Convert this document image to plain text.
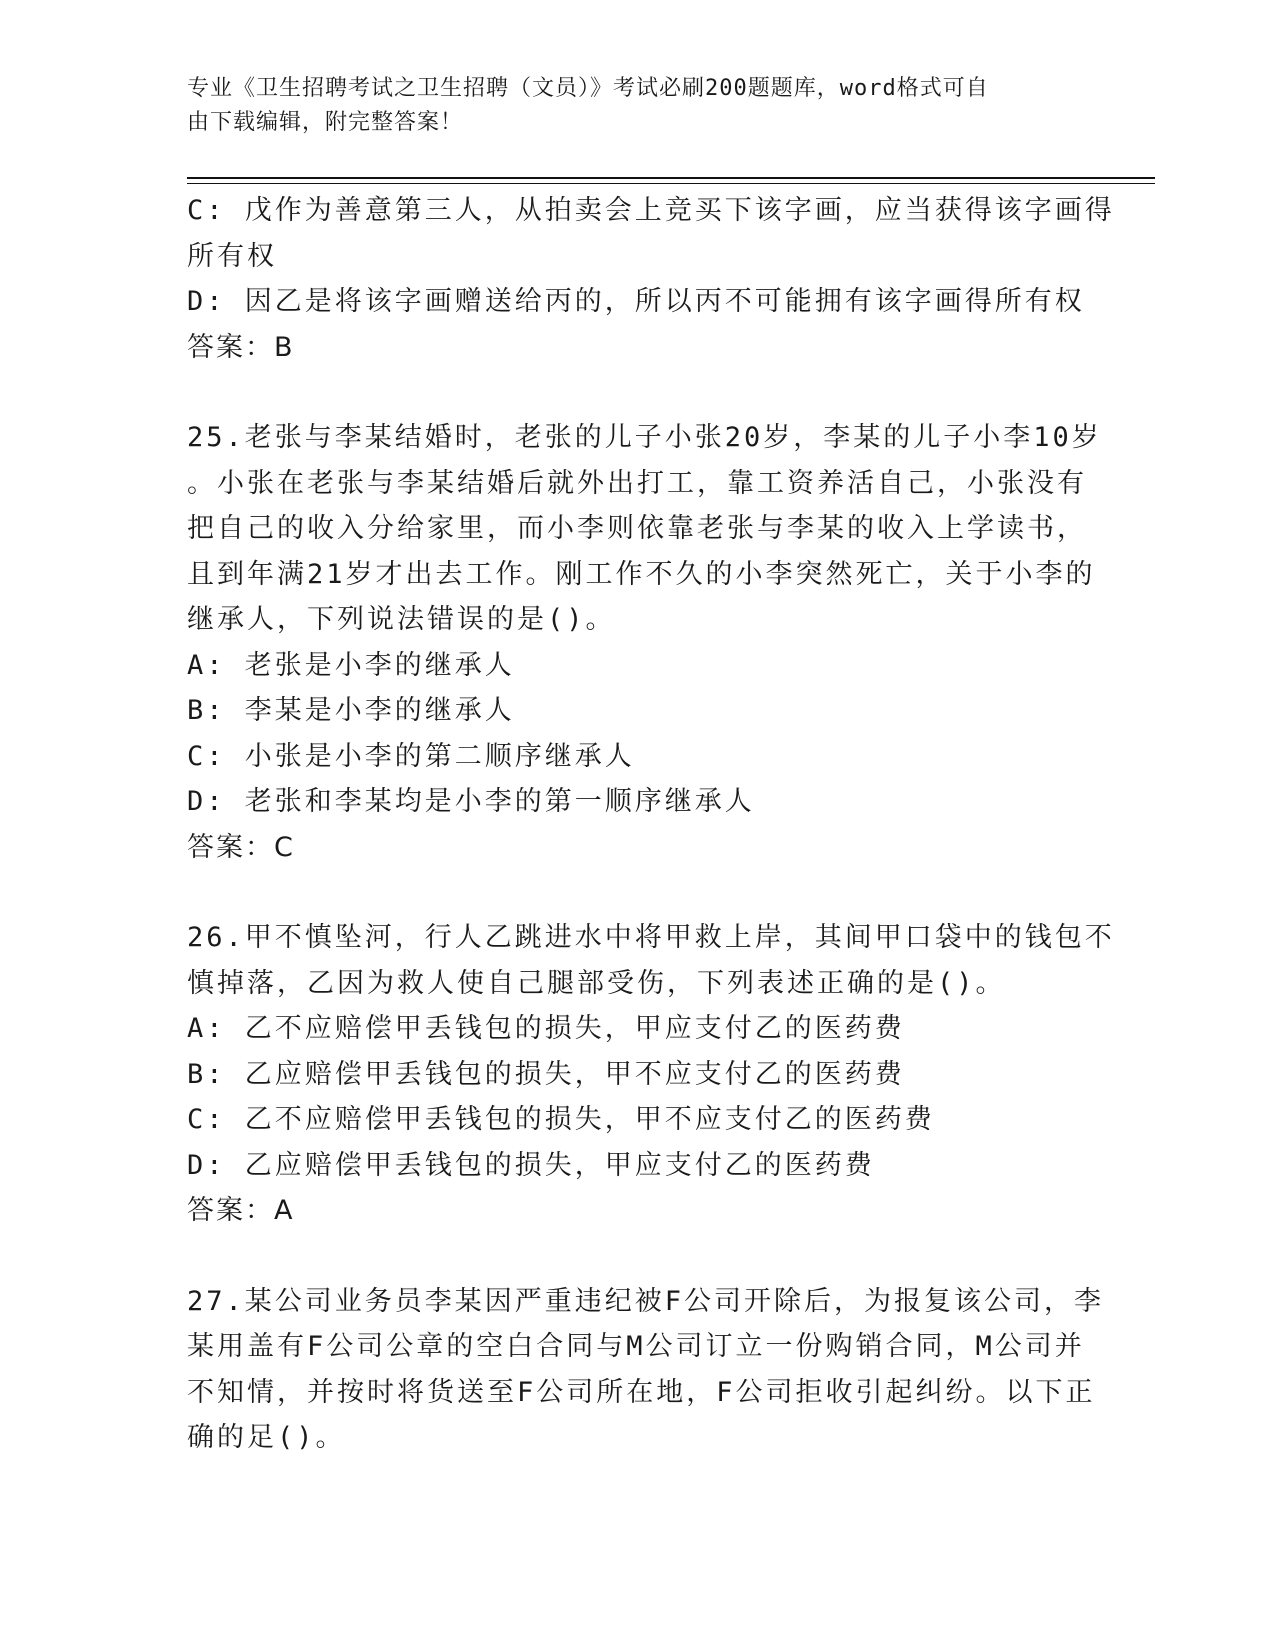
专业《卫生招聘考试之卫生招聘（文员）》考试必刷200题题库，word格式可自
由下载编辑，附完整答案！
C: 戊作为善意第三人，从拍卖会上竞买下该字画，应当获得该字画得
所有权
D: 因乙是将该字画赠送给丙的，所以丙不可能拥有该字画得所有权
答案：B
25.老张与李某结婚时，老张的儿子小张20岁，李某的儿子小李10岁
。小张在老张与李某结婚后就外出打工，靠工资养活自己，小张没有
把自己的收入分给家里，而小李则依靠老张与李某的收入上学读书，
且到年满21岁才出去工作。刚工作不久的小李突然死亡，关于小李的
继承人，下列说法错误的是()。
A: 老张是小李的继承人
B: 李某是小李的继承人
C: 小张是小李的第二顺序继承人
D: 老张和李某均是小李的第一顺序继承人
答案：C
26.甲不慎坠河，行人乙跳进水中将甲救上岸，其间甲口袋中的钱包不
慎掉落，乙因为救人使自己腿部受伤，下列表述正确的是()。
A: 乙不应赔偿甲丢钱包的损失，甲应支付乙的医药费
B: 乙应赔偿甲丢钱包的损失，甲不应支付乙的医药费
C: 乙不应赔偿甲丢钱包的损失，甲不应支付乙的医药费
D: 乙应赔偿甲丢钱包的损失，甲应支付乙的医药费
答案：A
27.某公司业务员李某因严重违纪被F公司开除后，为报复该公司，李
某用盖有F公司公章的空白合同与M公司订立一份购销合同，M公司并
不知情，并按时将货送至F公司所在地，F公司拒收引起纠纷。以下正
确的足()。
